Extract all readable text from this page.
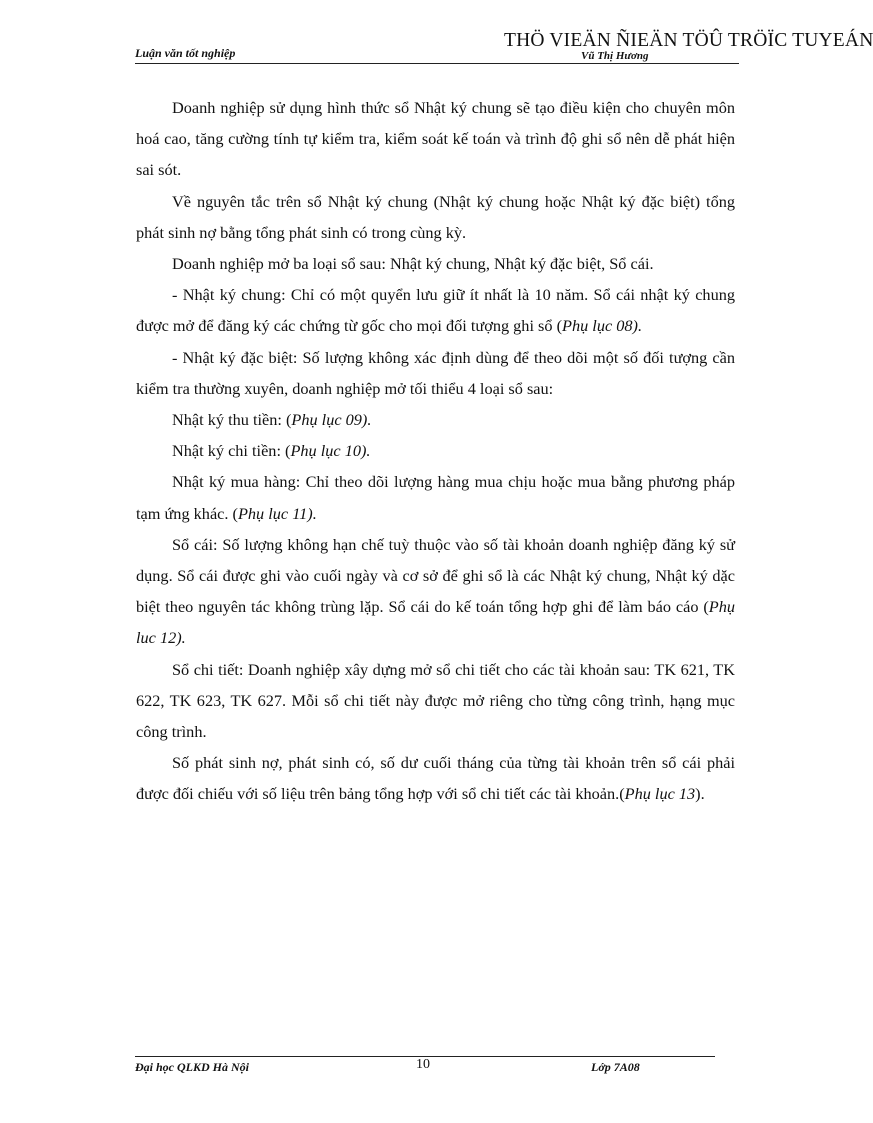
Luận văn tốt nghiệp
THÖ VIEÄN ÑIEÄN TÖÛ TRÖÏC TUYEÁN
Vũ Thị Hương

Doanh nghiệp sử dụng hình thức sổ Nhật ký chung sẽ tạo điều kiện cho chuyên môn hoá cao, tăng cường tính tự kiểm tra, kiểm soát kế toán và trình độ ghi sổ nên dễ phát hiện sai sót.

Về nguyên tắc trên sổ Nhật ký chung (Nhật ký chung hoặc Nhật ký đặc biệt) tổng phát sinh nợ bằng tổng phát sinh có trong cùng kỳ.

Doanh nghiệp mở ba loại sổ sau: Nhật ký chung, Nhật ký đặc biệt, Sổ cái.

- Nhật ký chung: Chỉ có một quyển lưu giữ ít nhất là 10 năm. Sổ cái nhật ký chung được mở để đăng ký các chứng từ gốc cho mọi đối tượng ghi sổ (Phụ lục 08).

- Nhật ký đặc biệt: Số lượng không xác định dùng để theo dõi một số đối tượng cần kiểm tra thường xuyên, doanh nghiệp mở tối thiểu 4 loại sổ sau:

Nhật ký thu tiền: (Phụ lục 09).

Nhật ký chi tiền: (Phụ lục 10).

Nhật ký mua hàng: Chỉ theo dõi lượng hàng mua chịu hoặc mua bằng phương pháp tạm ứng khác. (Phụ lục 11).

Sổ cái: Số lượng không hạn chế tuỳ thuộc vào số tài khoản doanh nghiệp đăng ký sử dụng. Sổ cái được ghi vào cuối ngày và cơ sở để ghi sổ là các Nhật ký chung, Nhật ký dặc biệt theo nguyên tác không trùng lặp. Sổ cái do kế toán tổng hợp ghi để làm báo cáo (Phụ luc 12).

Sổ chi tiết: Doanh nghiệp xây dựng mở sổ chi tiết cho các tài khoản sau: TK 621, TK 622, TK 623, TK 627. Mỗi sổ chi tiết này được mở riêng cho từng công trình, hạng mục công trình.

Số phát sinh nợ, phát sinh có, số dư cuối tháng của từng tài khoản trên sổ cái phải được đối chiếu với số liệu trên bảng tổng hợp với sổ chi tiết các tài khoản.(Phụ lục 13).

Đại học QLKD Hà Nội	10	Lớp 7A08
